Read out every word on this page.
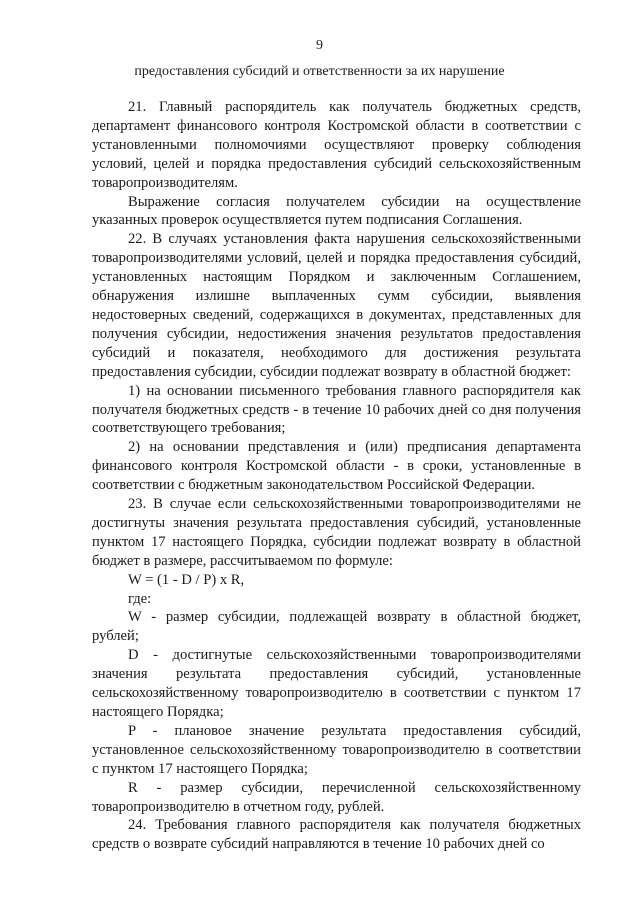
9
предоставления субсидий и ответственности за их нарушение

21. Главный распорядитель как получатель бюджетных средств, департамент финансового контроля Костромской области в соответствии с установленными полномочиями осуществляют проверку соблюдения условий, целей и порядка предоставления субсидий сельскохозяйственным товаропроизводителям.

Выражение согласия получателем субсидии на осуществление указанных проверок осуществляется путем подписания Соглашения.

22. В случаях установления факта нарушения сельскохозяйственными товаропроизводителями условий, целей и порядка предоставления субсидий, установленных настоящим Порядком и заключенным Соглашением, обнаружения излишне выплаченных сумм субсидии, выявления недостоверных сведений, содержащихся в документах, представленных для получения субсидии, недостижения значения результатов предоставления субсидий и показателя, необходимого для достижения результата предоставления субсидии, субсидии подлежат возврату в областной бюджет:

1) на основании письменного требования главного распорядителя как получателя бюджетных средств - в течение 10 рабочих дней со дня получения соответствующего требования;

2) на основании представления и (или) предписания департамента финансового контроля Костромской области - в сроки, установленные в соответствии с бюджетным законодательством Российской Федерации.

23. В случае если сельскохозяйственными товаропроизводителями не достигнуты значения результата предоставления субсидий, установленные пунктом 17 настоящего Порядка, субсидии подлежат возврату в областной бюджет в размере, рассчитываемом по формуле:

W = (1 - D / P) x R,

где:

W - размер субсидии, подлежащей возврату в областной бюджет, рублей;

D - достигнутые сельскохозяйственными товаропроизводителями значения результата предоставления субсидий, установленные сельскохозяйственному товаропроизводителю в соответствии с пунктом 17 настоящего Порядка;

P - плановое значение результата предоставления субсидий, установленное сельскохозяйственному товаропроизводителю в соответствии с пунктом 17 настоящего Порядка;

R - размер субсидии, перечисленной сельскохозяйственному товаропроизводителю в отчетном году, рублей.

24. Требования главного распорядителя как получателя бюджетных средств о возврате субсидий направляются в течение 10 рабочих дней со
